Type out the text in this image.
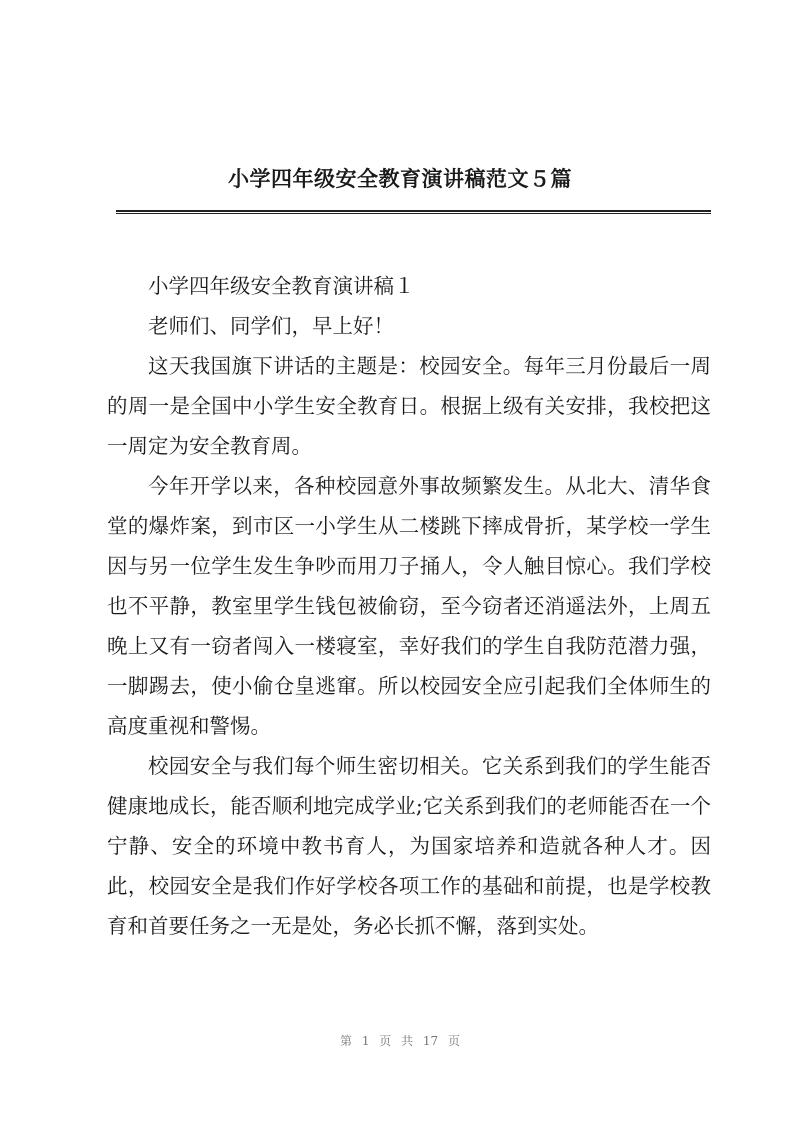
小学四年级安全教育演讲稿范文５篇

小学四年级安全教育演讲稿１

老师们、同学们，早上好！

这天我国旗下讲话的主题是：校园安全。每年三月份最后一周的周一是全国中小学生安全教育日。根据上级有关安排，我校把这一周定为安全教育周。

今年开学以来，各种校园意外事故频繁发生。从北大、清华食堂的爆炸案，到市区一小学生从二楼跳下摔成骨折，某学校一学生因与另一位学生发生争吵而用刀子捅人，令人触目惊心。我们学校也不平静，教室里学生钱包被偷窃，至今窃者还消遥法外，上周五晚上又有一窃者闯入一楼寝室，幸好我们的学生自我防范潜力强，一脚踢去，使小偷仓皇逃窜。所以校园安全应引起我们全体师生的高度重视和警惕。

校园安全与我们每个师生密切相关。它关系到我们的学生能否健康地成长，能否顺利地完成学业;它关系到我们的老师能否在一个宁静、安全的环境中教书育人，为国家培养和造就各种人才。因此，校园安全是我们作好学校各项工作的基础和前提，也是学校教育和首要任务之一无是处，务必长抓不懈，落到实处。

第 1 页 共 17 页
